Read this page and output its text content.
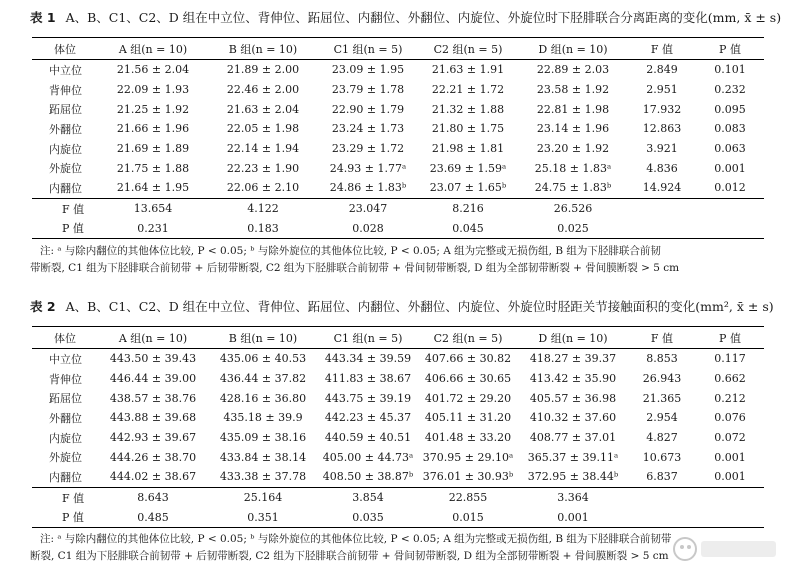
表 1 A、B、C1、C2、D 组在中立位、背伸位、跖屈位、内翻位、外翻位、内旋位、外旋位时下胫腓联合分离距离的变化(mm, x̄ ± s)
体位	A 组(n = 10)	B 组(n = 10)	C1 组(n = 5)	C2 组(n = 5)	D 组(n = 10)	F 值	P 值
中立位	21.56 ± 2.04	21.89 ± 2.00	23.09 ± 1.95	21.63 ± 1.91	22.89 ± 2.03	2.849	0.101
背伸位	22.09 ± 1.93	22.46 ± 2.00	23.79 ± 1.78	22.21 ± 1.72	23.58 ± 1.92	2.951	0.232
跖屈位	21.25 ± 1.92	21.63 ± 2.04	22.90 ± 1.79	21.32 ± 1.88	22.81 ± 1.98	17.932	0.095
外翻位	21.66 ± 1.96	22.05 ± 1.98	23.24 ± 1.73	21.80 ± 1.75	23.14 ± 1.96	12.863	0.083
内旋位	21.69 ± 1.89	22.14 ± 1.94	23.29 ± 1.72	21.98 ± 1.81	23.20 ± 1.92	3.921	0.063
外旋位	21.75 ± 1.88	22.23 ± 1.90	24.93 ± 1.77ᵃ	23.69 ± 1.59ᵃ	25.18 ± 1.83ᵃ	4.836	0.001
内翻位	21.64 ± 1.95	22.06 ± 2.10	24.86 ± 1.83ᵇ	23.07 ± 1.65ᵇ	24.75 ± 1.83ᵇ	14.924	0.012
F 值	13.654	4.122	23.047	8.216	26.526		
P 值	0.231	0.183	0.028	0.045	0.025		
注: ᵃ 与除内翻位的其他体位比较, P < 0.05; ᵇ 与除外旋位的其他体位比较, P < 0.05; A 组为完整或无损伤组, B 组为下胫腓联合前韧
带断裂, C1 组为下胫腓联合前韧带 + 后韧带断裂, C2 组为下胫腓联合前韧带 + 骨间韧带断裂, D 组为全部韧带断裂 + 骨间膜断裂 > 5 cm
表 2 A、B、C1、C2、D 组在中立位、背伸位、跖屈位、内翻位、外翻位、内旋位、外旋位时胫距关节接触面积的变化(mm², x̄ ± s)
体位	A 组(n = 10)	B 组(n = 10)	C1 组(n = 5)	C2 组(n = 5)	D 组(n = 10)	F 值	P 值
中立位	443.50 ± 39.43	435.06 ± 40.53	443.34 ± 39.59	407.66 ± 30.82	418.27 ± 39.37	8.853	0.117
背伸位	446.44 ± 39.00	436.44 ± 37.82	411.83 ± 38.67	406.66 ± 30.65	413.42 ± 35.90	26.943	0.662
跖屈位	438.57 ± 38.76	428.16 ± 36.80	443.75 ± 39.19	401.72 ± 29.20	405.57 ± 36.98	21.365	0.212
外翻位	443.88 ± 39.68	435.18 ± 39.9	442.23 ± 45.37	405.11 ± 31.20	410.32 ± 37.60	2.954	0.076
内旋位	442.93 ± 39.67	435.09 ± 38.16	440.59 ± 40.51	401.48 ± 33.20	408.77 ± 37.01	4.827	0.072
外旋位	444.26 ± 38.70	433.84 ± 38.14	405.00 ± 44.73ᵃ	370.95 ± 29.10ᵃ	365.37 ± 39.11ᵃ	10.673	0.001
内翻位	444.02 ± 38.67	433.38 ± 37.78	408.50 ± 38.87ᵇ	376.01 ± 30.93ᵇ	372.95 ± 38.44ᵇ	6.837	0.001
F 值	8.643	25.164	3.854	22.855	3.364		
P 值	0.485	0.351	0.035	0.015	0.001		
注: ᵃ 与除内翻位的其他体位比较, P < 0.05; ᵇ 与除外旋位的其他体位比较, P < 0.05; A 组为完整或无损伤组, B 组为下胫腓联合前韧带
断裂, C1 组为下胫腓联合前韧带 + 后韧带断裂, C2 组为下胫腓联合前韧带 + 骨间韧带断裂, D 组为全部韧带断裂 + 骨间膜断裂 > 5 cm
